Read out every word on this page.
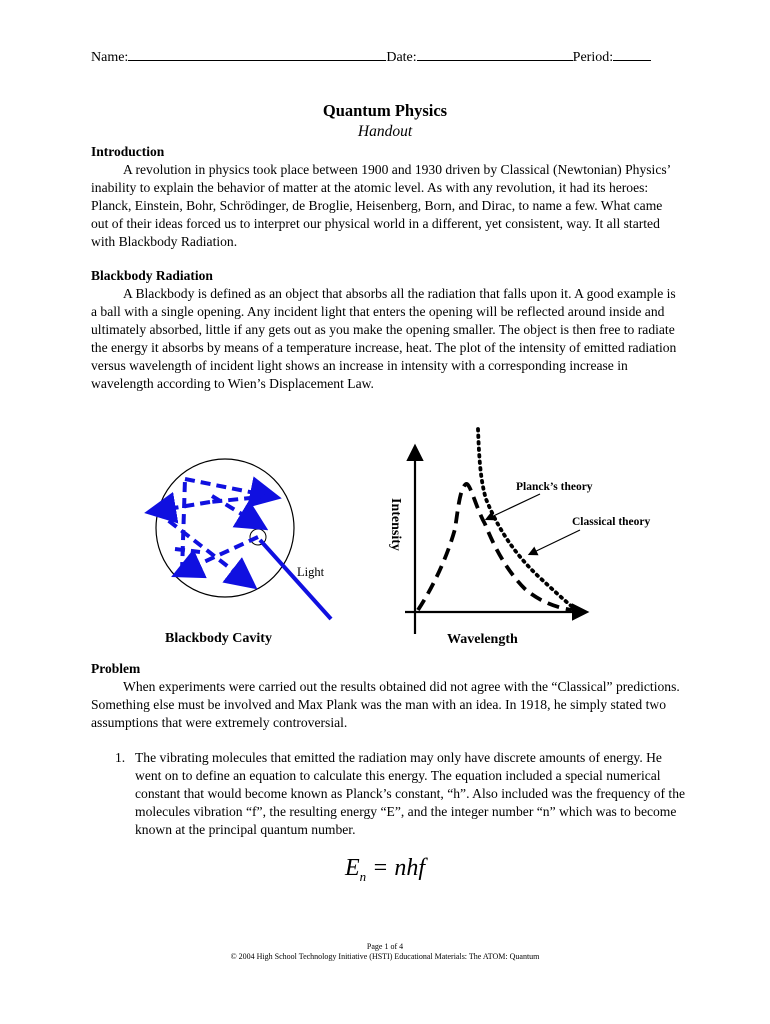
Name:	Date:	Period:
Quantum Physics
Handout
Introduction
A revolution in physics took place between 1900 and 1930 driven by Classical (Newtonian) Physics’ inability to explain the behavior of matter at the atomic level. As with any revolution, it had its heroes: Planck, Einstein, Bohr, Schrödinger, de Broglie, Heisenberg, Born, and Dirac, to name a few. What came out of their ideas forced us to interpret our physical world in a different, yet consistent, way. It all started with Blackbody Radiation.
Blackbody Radiation
A Blackbody is defined as an object that absorbs all the radiation that falls upon it. A good example is a ball with a single opening. Any incident light that enters the opening will be reflected around inside and ultimately absorbed, little if any gets out as you make the opening smaller. The object is then free to radiate the energy it absorbs by means of a temperature increase, heat. The plot of the intensity of emitted radiation versus wavelength of incident light shows an increase in intensity with a corresponding increase in wavelength according to Wien’s Displacement Law.
Light
Blackbody Cavity
Intensity
Wavelength
Planck’s theory
Classical theory
Problem
When experiments were carried out the results obtained did not agree with the “Classical” predictions. Something else must be involved and Max Plank was the man with an idea. In 1918, he simply stated two assumptions that were extremely controversial.
1. The vibrating molecules that emitted the radiation may only have discrete amounts of energy. He went on to define an equation to calculate this energy. The equation included a special numerical constant that would become known as Planck’s constant, “h”. Also included was the frequency of the molecules vibration “f”, the resulting energy “E”, and the integer number “n” which was to become known at the principal quantum number.
$E_n$ = nhf
Page 1 of 4
© 2004 High School Technology Initiative (HSTI) Educational Materials: The ATOM: Quantum
